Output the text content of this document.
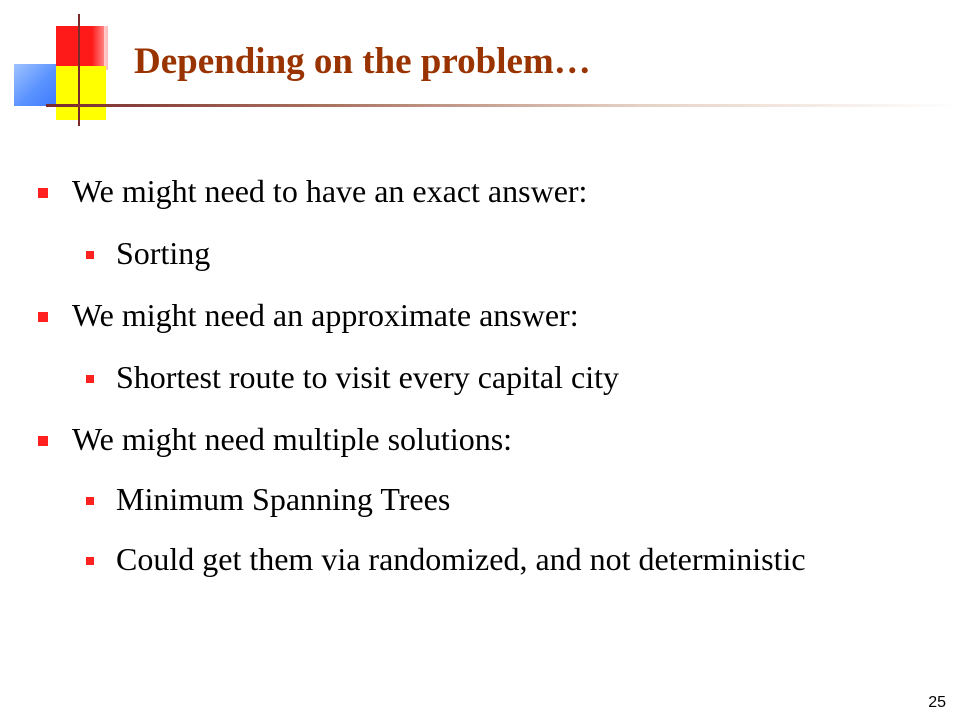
Depending on the problem…
We might need to have an exact answer:
Sorting
We might need an approximate answer:
Shortest route to visit every capital city
We might need multiple solutions:
Minimum Spanning Trees
Could get them via randomized, and not deterministic
25
